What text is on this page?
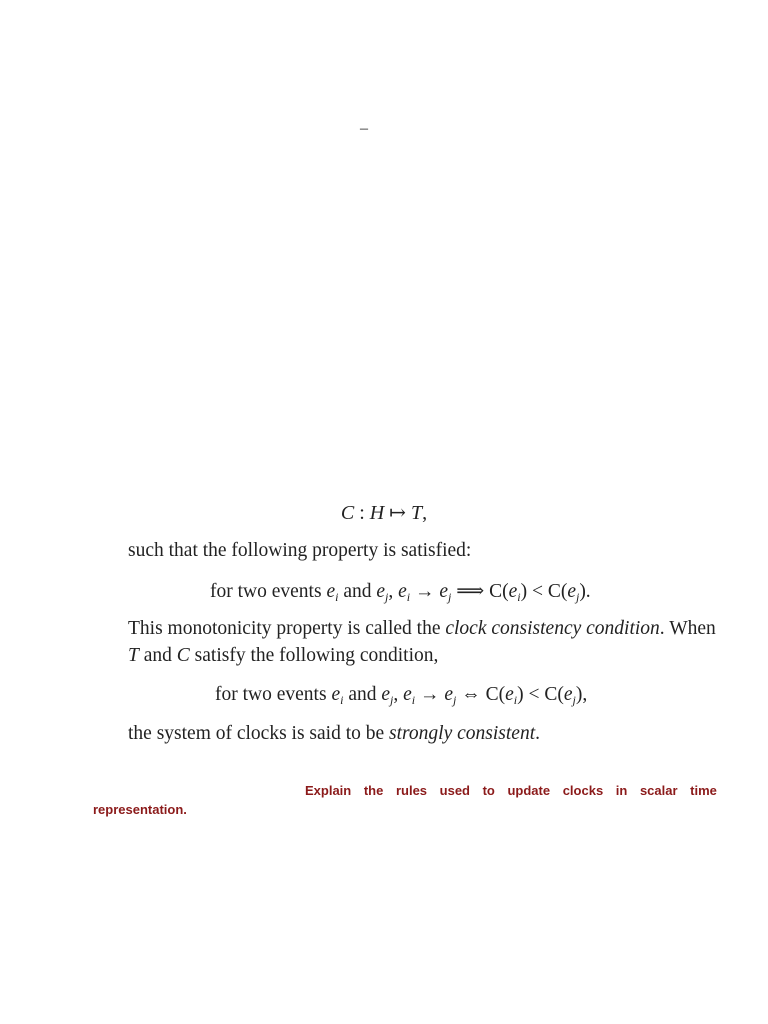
–
C : H ↦ T,
such that the following property is satisfied:
for two events $e_i$ and $e_j$, $e_i \to e_j$ ⟹ $C(e_i) < C(e_j)$.
This monotonicity property is called the clock consistency condition. When
T and C satisfy the following condition,
for two events $e_i$ and $e_j$, $e_i \to e_j$ ⇔ $C(e_i) < C(e_j)$,
the system of clocks is said to be strongly consistent.
Explain the rules used to update clocks in scalar time
representation.
